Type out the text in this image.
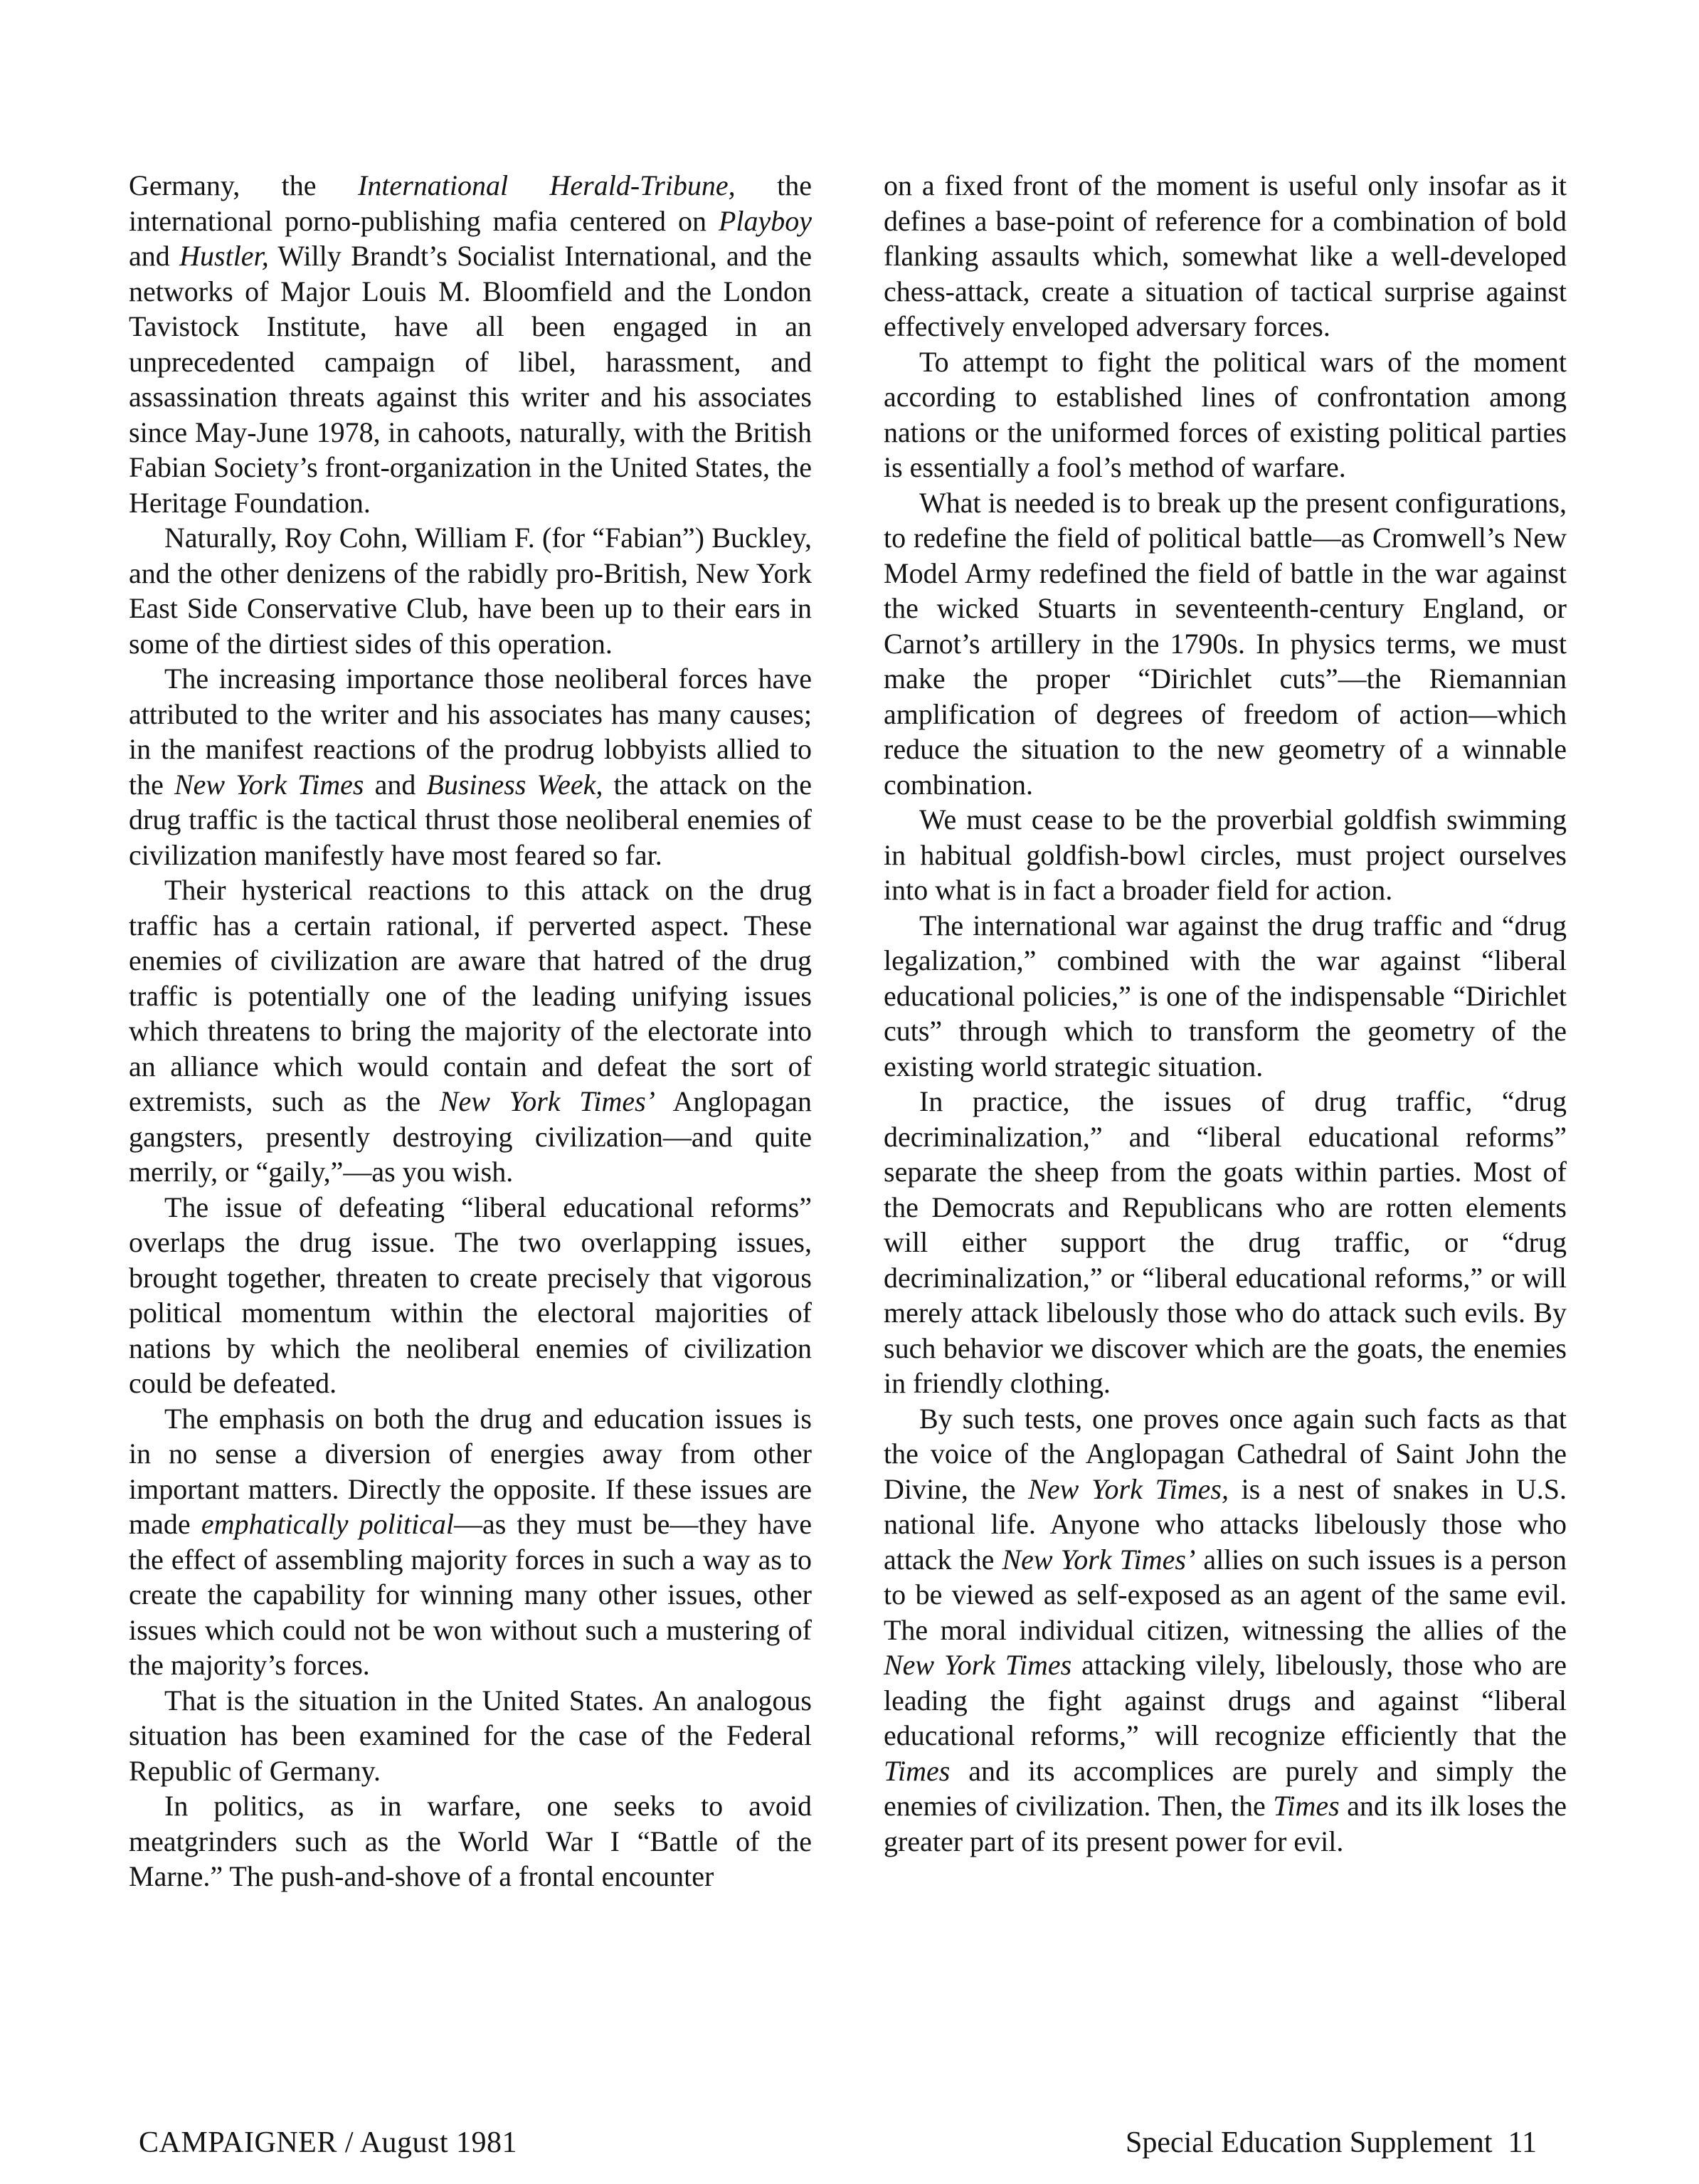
Germany, the International Herald-Tribune, the international porno-publishing mafia centered on Playboy and Hustler, Willy Brandt’s Socialist International, and the networks of Major Louis M. Bloomfield and the London Tavistock Institute, have all been engaged in an unprecedented campaign of libel, harassment, and assassination threats against this writer and his associates since May-June 1978, in cahoots, naturally, with the British Fabian Society’s front-organization in the United States, the Heritage Foundation.

Naturally, Roy Cohn, William F. (for “Fabian”) Buckley, and the other denizens of the rabidly pro-British, New York East Side Conservative Club, have been up to their ears in some of the dirtiest sides of this operation.

The increasing importance those neoliberal forces have attributed to the writer and his associates has many causes; in the manifest reactions of the prodrug lobbyists allied to the New York Times and Business Week, the attack on the drug traffic is the tactical thrust those neoliberal enemies of civilization manifestly have most feared so far.

Their hysterical reactions to this attack on the drug traffic has a certain rational, if perverted aspect. These enemies of civilization are aware that hatred of the drug traffic is potentially one of the leading unifying issues which threatens to bring the majority of the electorate into an alliance which would contain and defeat the sort of extremists, such as the New York Times’ Anglopagan gangsters, presently destroying civilization—and quite merrily, or “gaily,”—as you wish.

The issue of defeating “liberal educational reforms” overlaps the drug issue. The two overlapping issues, brought together, threaten to create precisely that vigorous political momentum within the electoral majorities of nations by which the neoliberal enemies of civilization could be defeated.

The emphasis on both the drug and education issues is in no sense a diversion of energies away from other important matters. Directly the opposite. If these issues are made emphatically political—as they must be—they have the effect of assembling majority forces in such a way as to create the capability for winning many other issues, other issues which could not be won without such a mustering of the majority’s forces.

That is the situation in the United States. An analogous situation has been examined for the case of the Federal Republic of Germany.

In politics, as in warfare, one seeks to avoid meatgrinders such as the World War I “Battle of the Marne.” The push-and-shove of a frontal encounter

on a fixed front of the moment is useful only insofar as it defines a base-point of reference for a combination of bold flanking assaults which, somewhat like a well-developed chess-attack, create a situation of tactical surprise against effectively enveloped adversary forces.

To attempt to fight the political wars of the moment according to established lines of confrontation among nations or the uniformed forces of existing political parties is essentially a fool’s method of warfare.

What is needed is to break up the present configurations, to redefine the field of political battle—as Cromwell’s New Model Army redefined the field of battle in the war against the wicked Stuarts in seventeenth-century England, or Carnot’s artillery in the 1790s. In physics terms, we must make the proper “Dirichlet cuts”—the Riemannian amplification of degrees of freedom of action—which reduce the situation to the new geometry of a winnable combination.

We must cease to be the proverbial goldfish swimming in habitual goldfish-bowl circles, must project ourselves into what is in fact a broader field for action.

The international war against the drug traffic and “drug legalization,” combined with the war against “liberal educational policies,” is one of the indispensable “Dirichlet cuts” through which to transform the geometry of the existing world strategic situation.

In practice, the issues of drug traffic, “drug decriminalization,” and “liberal educational reforms” separate the sheep from the goats within parties. Most of the Democrats and Republicans who are rotten elements will either support the drug traffic, or “drug decriminalization,” or “liberal educational reforms,” or will merely attack libelously those who do attack such evils. By such behavior we discover which are the goats, the enemies in friendly clothing.

By such tests, one proves once again such facts as that the voice of the Anglopagan Cathedral of Saint John the Divine, the New York Times, is a nest of snakes in U.S. national life. Anyone who attacks libelously those who attack the New York Times’ allies on such issues is a person to be viewed as self-exposed as an agent of the same evil. The moral individual citizen, witnessing the allies of the New York Times attacking vilely, libelously, those who are leading the fight against drugs and against “liberal educational reforms,” will recognize efficiently that the Times and its accomplices are purely and simply the enemies of civilization. Then, the Times and its ilk loses the greater part of its present power for evil.

CAMPAIGNER / August 1981	Special Education Supplement 11
